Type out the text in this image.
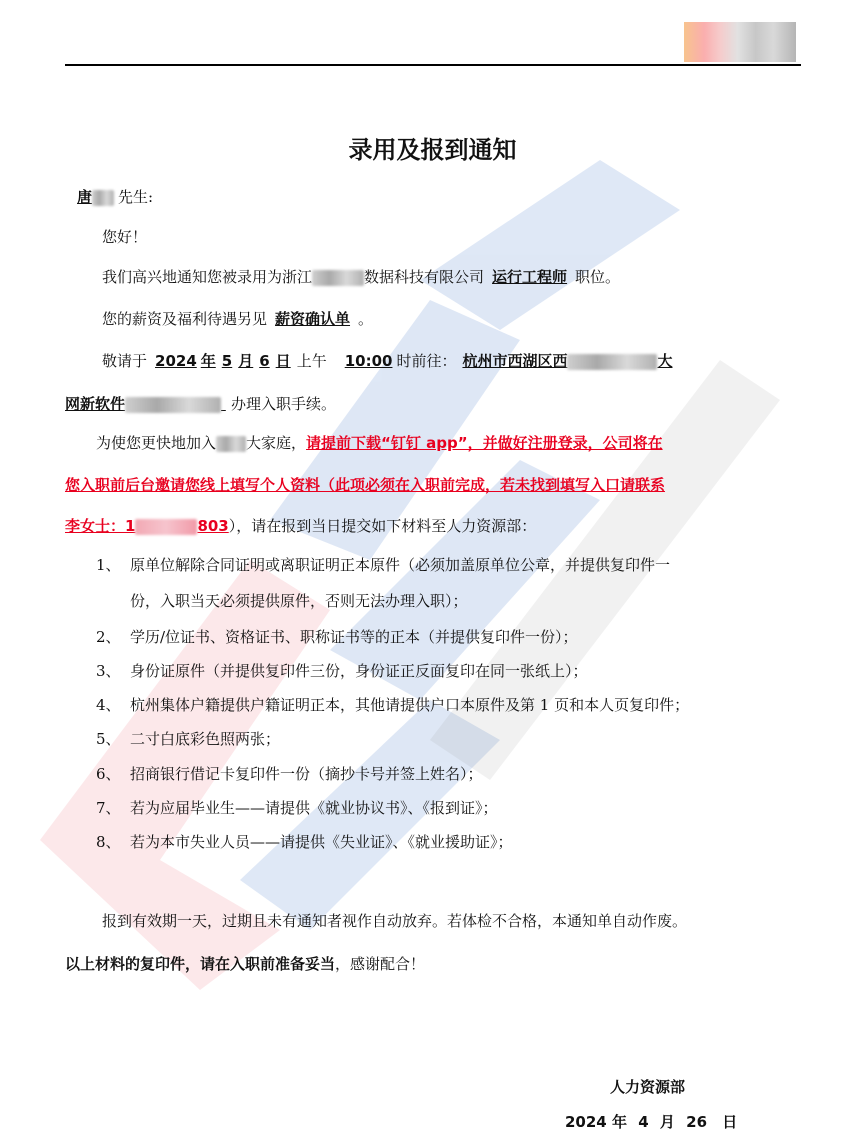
录用及报到通知
唐 先生:
您好！
我们高兴地通知您被录用为浙江	数据科技有限公司 运行工程师 职位。
您的薪资及福利待遇另见 薪资确认单 。
敬请于 2024 年 5 月 6 日 上午 10:00 时前往： 杭州市西湖区西	大
网新软件	办理入职手续。
为使您更快地加入 大家庭，请提前下载“钉钉 app”，并做好注册登录，公司将在
您入职前后台邀请您线上填写个人资料（此项必须在入职前完成，若未找到填写入口请联系
李女士：1	803），请在报到当日提交如下材料至人力资源部：
1、 原单位解除合同证明或离职证明正本原件（必须加盖原单位公章，并提供复印件一
份，入职当天必须提供原件，否则无法办理入职）；
2、 学历/位证书、资格证书、职称证书等的正本（并提供复印件一份）；
3、 身份证原件（并提供复印件三份，身份证正反面复印在同一张纸上）；
4、 杭州集体户籍提供户籍证明正本，其他请提供户口本原件及第 1 页和本人页复印件；
5、 二寸白底彩色照两张；
6、 招商银行借记卡复印件一份（摘抄卡号并签上姓名）；
7、 若为应届毕业生——请提供《就业协议书》、《报到证》；
8、 若为本市失业人员——请提供《失业证》、《就业援助证》；
报到有效期一天，过期且未有通知者视作自动放弃。若体检不合格，本通知单自动作废。
以上材料的复印件，请在入职前准备妥当，感谢配合！
人力资源部
2024 年 4 月 26 日
